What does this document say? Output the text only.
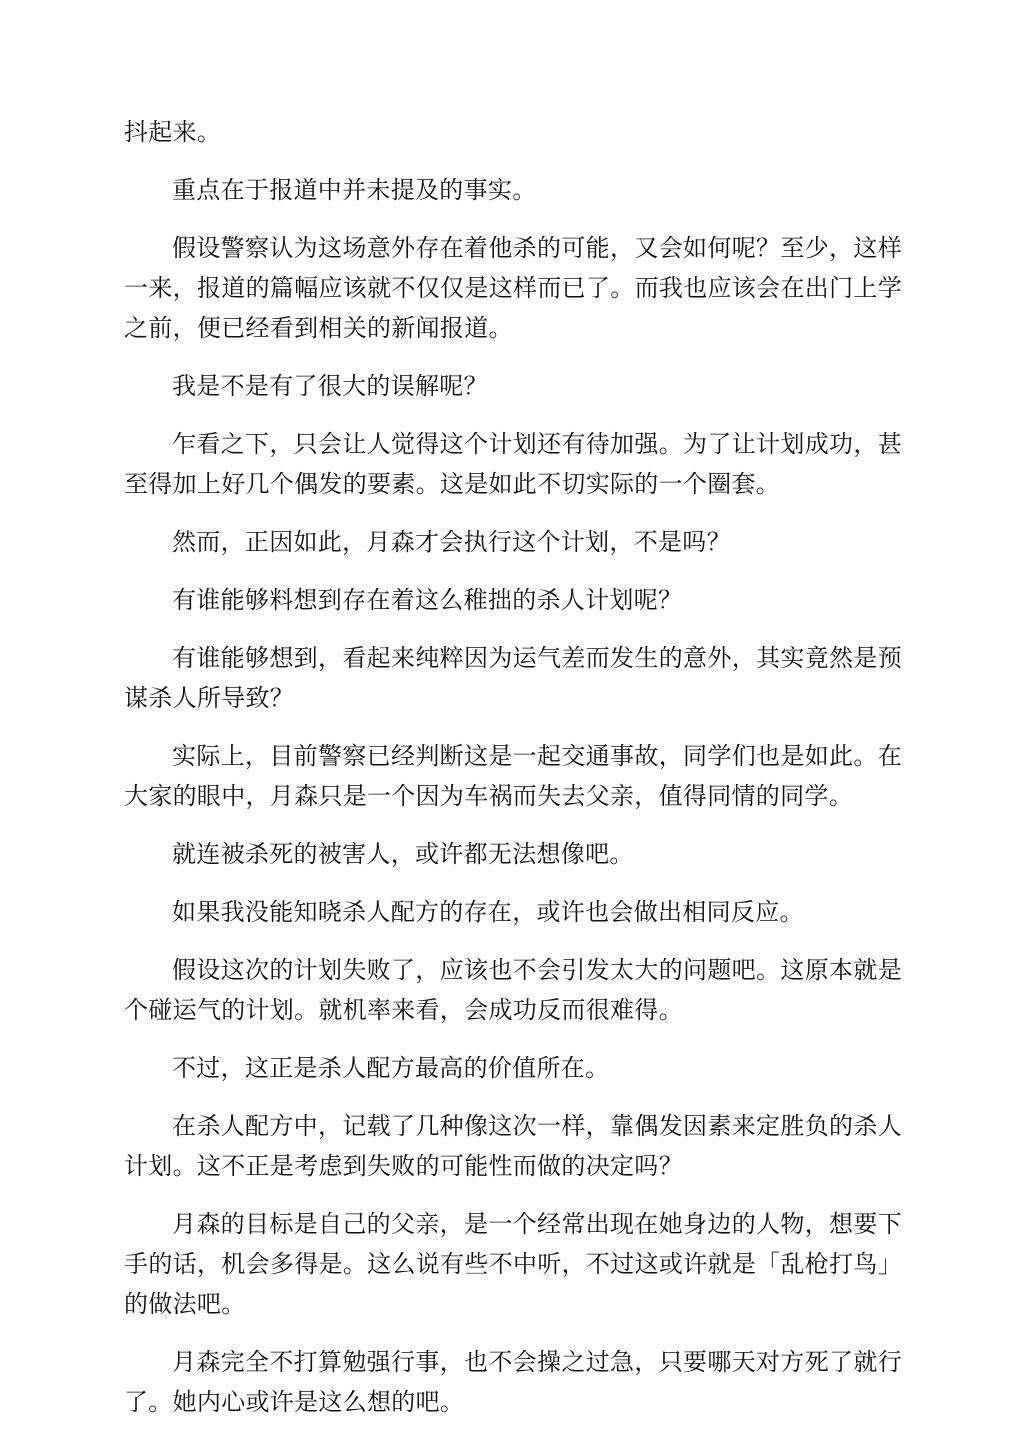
抖起来。

重点在于报道中并未提及的事实。

假设警察认为这场意外存在着他杀的可能，又会如何呢？至少，这样一来，报道的篇幅应该就不仅仅是这样而已了。而我也应该会在出门上学之前，便已经看到相关的新闻报道。

我是不是有了很大的误解呢？

乍看之下，只会让人觉得这个计划还有待加强。为了让计划成功，甚至得加上好几个偶发的要素。这是如此不切实际的一个圈套。

然而，正因如此，月森才会执行这个计划，不是吗？

有谁能够料想到存在着这么稚拙的杀人计划呢？

有谁能够想到，看起来纯粹因为运气差而发生的意外，其实竟然是预谋杀人所导致？

实际上，目前警察已经判断这是一起交通事故，同学们也是如此。在大家的眼中，月森只是一个因为车祸而失去父亲，值得同情的同学。

就连被杀死的被害人，或许都无法想像吧。

如果我没能知晓杀人配方的存在，或许也会做出相同反应。

假设这次的计划失败了，应该也不会引发太大的问题吧。这原本就是个碰运气的计划。就机率来看，会成功反而很难得。

不过，这正是杀人配方最高的价值所在。

在杀人配方中，记载了几种像这次一样，靠偶发因素来定胜负的杀人计划。这不正是考虑到失败的可能性而做的决定吗？

月森的目标是自己的父亲，是一个经常出现在她身边的人物，想要下手的话，机会多得是。这么说有些不中听，不过这或许就是「乱枪打鸟」的做法吧。

月森完全不打算勉强行事，也不会操之过急，只要哪天对方死了就行了。她内心或许是这么想的吧。
